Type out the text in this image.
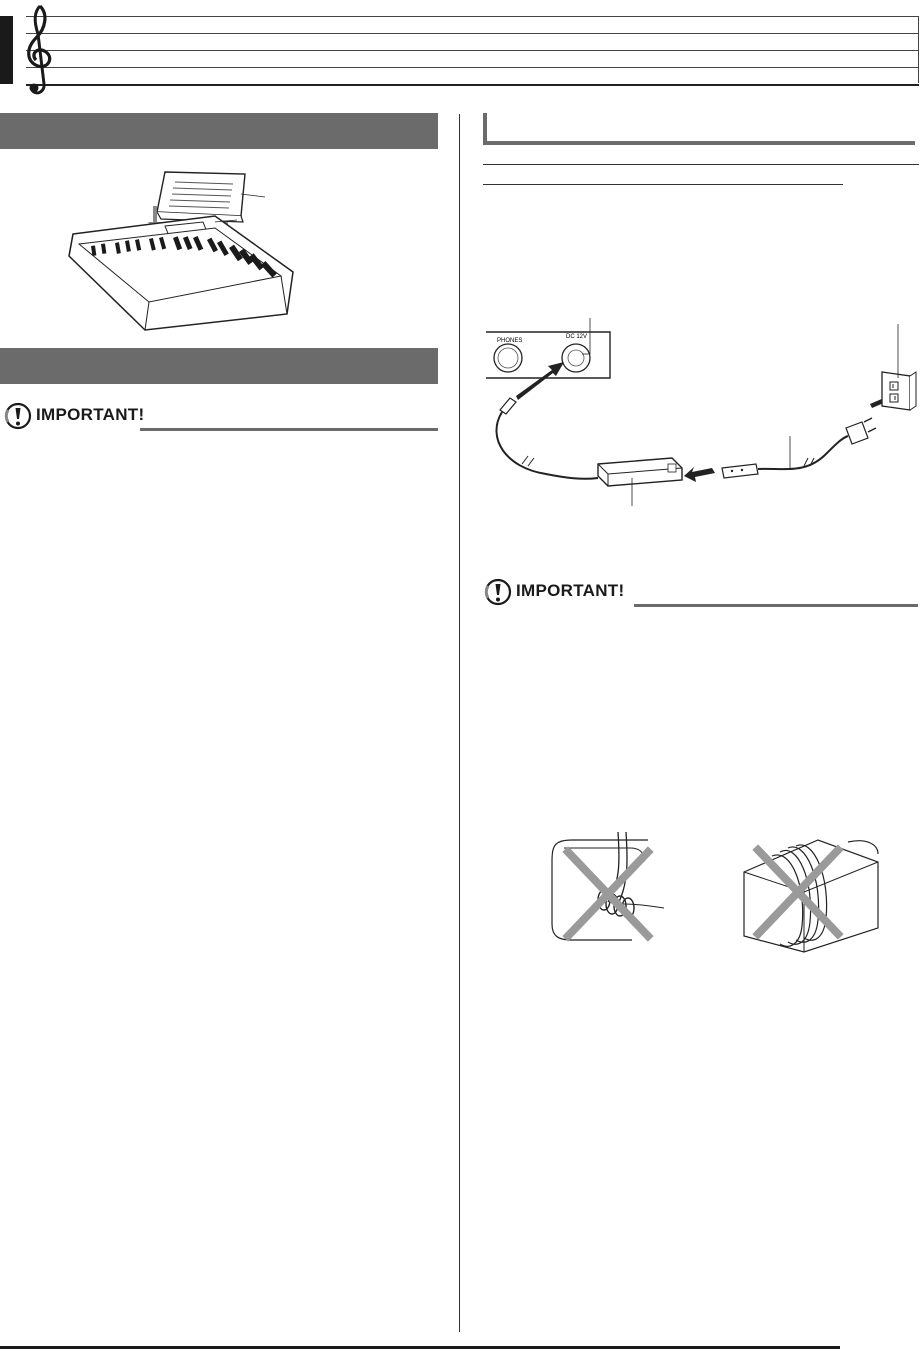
IMPORTANT!
PHONES
DC 12V
IMPORTANT!
